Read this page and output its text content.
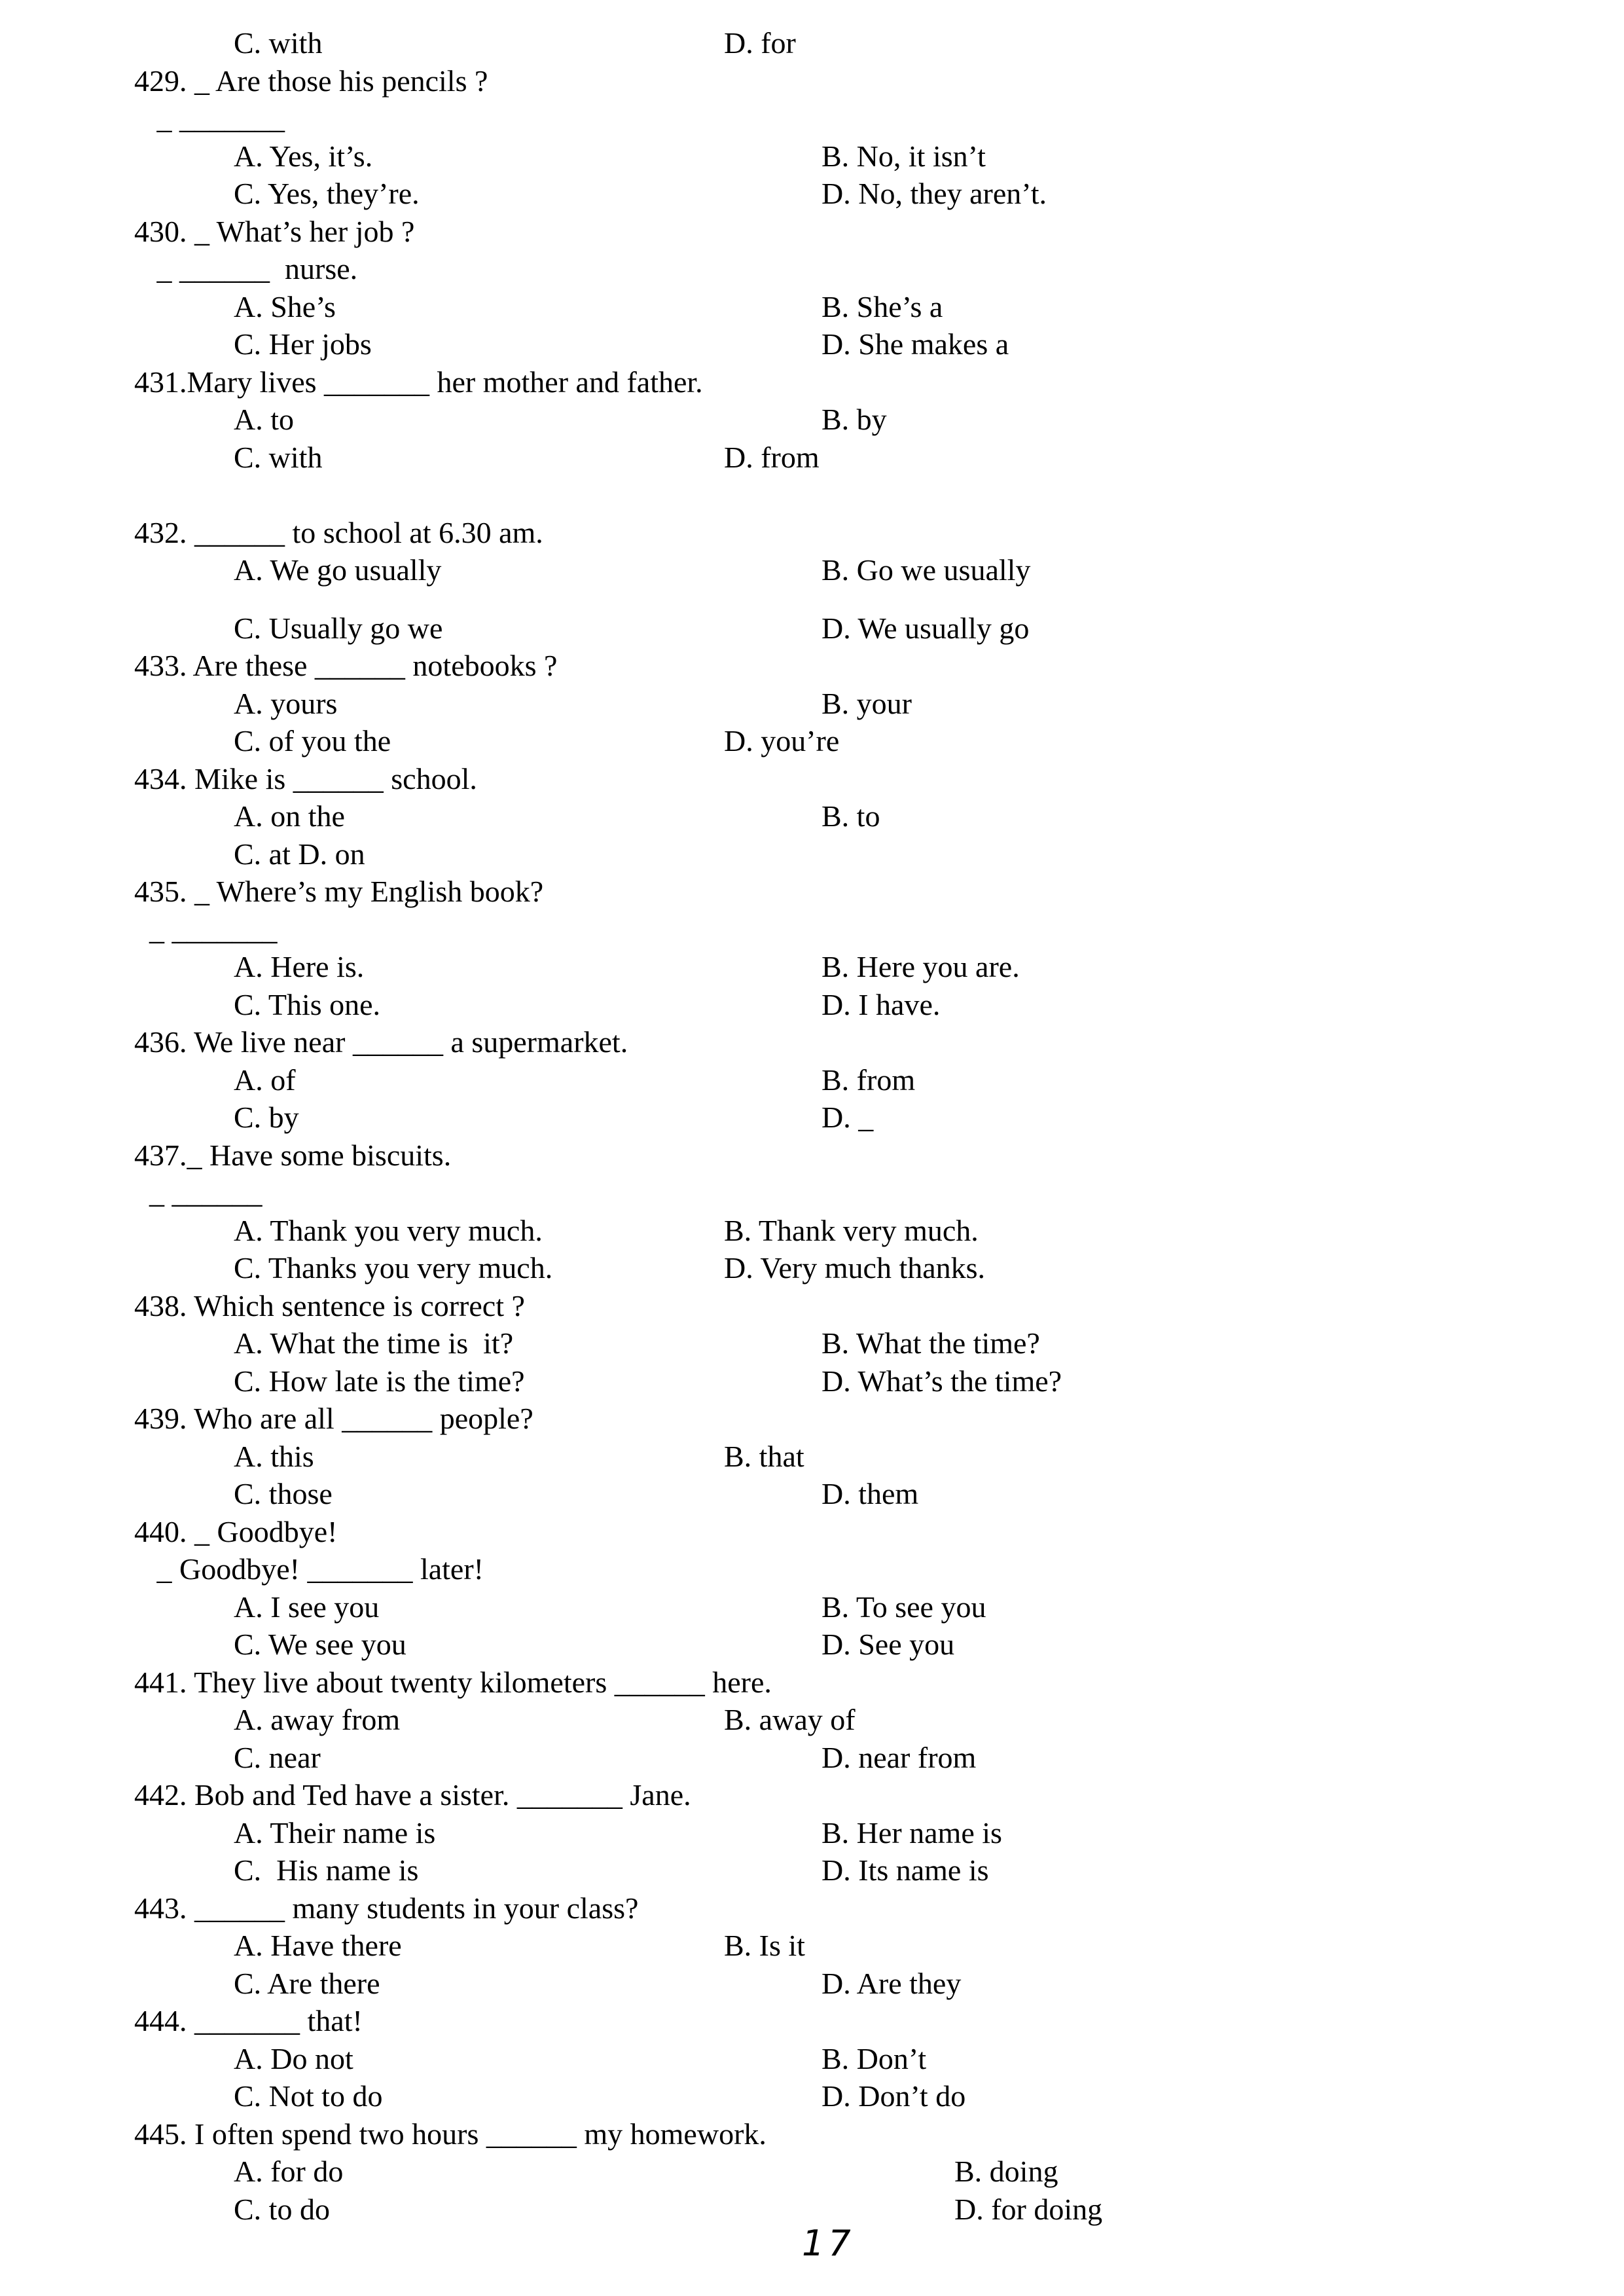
C. with	D. for
429. _ Are those his pencils ?
_ _______
A. Yes, it’s.	B. No, it isn’t
C. Yes, they’re.	D. No, they aren’t.
430. _ What’s her job ?
_ ______  nurse.
A. She’s	B. She’s a
C. Her jobs	D. She makes a
431.Mary lives _______ her mother and father.
A. to	B. by
C. with	D. from
432. ______ to school at 6.30 am.
A. We go usually	B. Go we usually
C. Usually go we	D. We usually go
433. Are these ______ notebooks ?
A. yours	B. your
C. of you the	D. you’re
434. Mike is ______ school.
A. on the	B. to
C. at D. on
435. _ Where’s my English book?
_ _______
A. Here is.	B. Here you are.
C. This one.	D. I have.
436. We live near ______ a supermarket.
A. of	B. from
C. by	D. _
437._ Have some biscuits.
_ ______
A. Thank you very much.	B. Thank very much.
C. Thanks you very much.	D. Very much thanks.
438. Which sentence is correct ?
A. What the time is  it?	B. What the time?
C. How late is the time?	D. What’s the time?
439. Who are all ______ people?
A. this	B. that
C. those	D. them
440. _ Goodbye!
_ Goodbye! _______ later!
A. I see you	B. To see you
C. We see you	D. See you
441. They live about twenty kilometers ______ here.
A. away from	B. away of
C. near	D. near from
442. Bob and Ted have a sister. _______ Jane.
A. Their name is	B. Her name is
C.  His name is	D. Its name is
443. ______ many students in your class?
A. Have there	B. Is it
C. Are there	D. Are they
444. _______ that!
A. Do not	B. Don’t
C. Not to do	D. Don’t do
445. I often spend two hours ______ my homework.
A. for do	B. doing
C. to do	D. for doing
17
